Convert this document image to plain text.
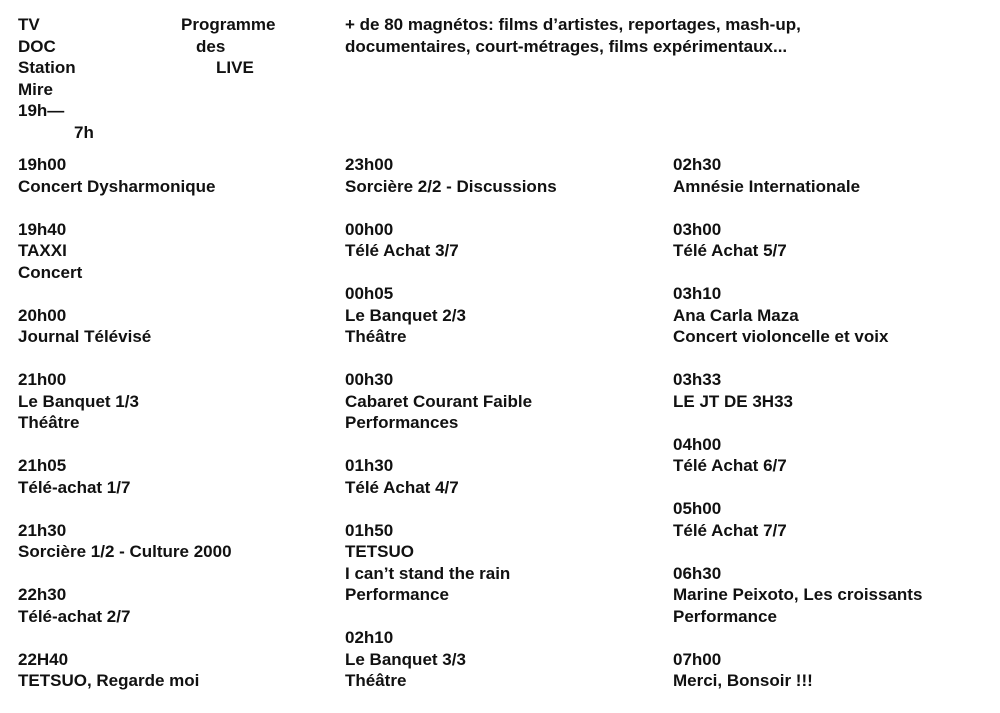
TV
DOC
Station
Mire
19h—
7h
Programme
des
LIVE
+ de 80 magnétos: films d’artistes, reportages, mash-up,
documentaires, court-métrages, films expérimentaux...
19h00
Concert Dysharmonique
19h40
TAXXI
Concert
20h00
Journal Télévisé
21h00
Le Banquet 1/3
Théâtre
21h05
Télé-achat 1/7
21h30
Sorcière 1/2 - Culture 2000
22h30
Télé-achat 2/7
22H40
TETSUO, Regarde moi
23h00
Sorcière 2/2 - Discussions
00h00
Télé Achat 3/7
00h05
Le Banquet 2/3
Théâtre
00h30
Cabaret Courant Faible
Performances
01h30
Télé Achat 4/7
01h50
TETSUO
I can’t stand the rain
Performance
02h10
Le Banquet 3/3
Théâtre
02h30
Amnésie Internationale
03h00
Télé Achat 5/7
03h10
Ana Carla Maza
Concert violoncelle et voix
03h33
LE JT DE 3H33
04h00
Télé Achat 6/7
05h00
Télé Achat 7/7
06h30
Marine Peixoto, Les croissants
Performance
07h00
Merci, Bonsoir !!!
